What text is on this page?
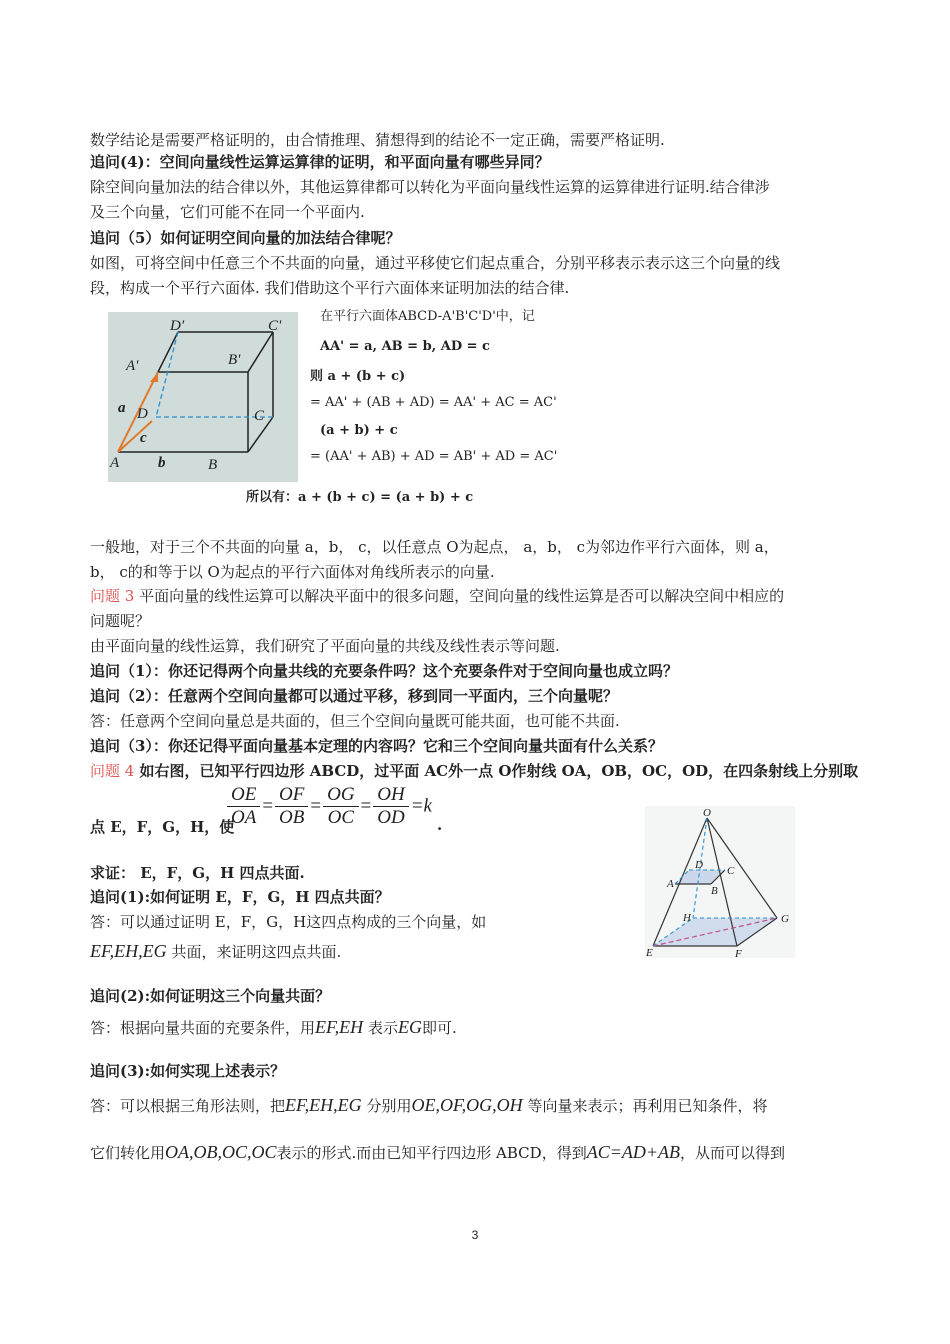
数学结论是需要严格证明的，由合情推理、猜想得到的结论不一定正确，需要严格证明.
追问(4)：空间向量线性运算运算律的证明，和平面向量有哪些异同？
除空间向量加法的结合律以外，其他运算律都可以转化为平面向量线性运算的运算律进行证明.结合律涉
及三个向量，它们可能不在同一个平面内.
追问（5）如何证明空间向量的加法结合律呢？
如图，可将空间中任意三个不共面的向量，通过平移使它们起点重合，分别平移表示表示这三个向量的线
段，构成一个平行六面体. 我们借助这个平行六面体来证明加法的结合律.
A	B
C
D
A'	B'
C'
D'
a
b
c
在平行六面体ABCD-A'B'C'D'中，记
AA' = a, AB = b, AD = c
则 a + (b + c)
= AA' + (AB + AD) = AA' + AC = AC'
(a + b) + c
= (AA' + AB) + AD = AB' + AD = AC'
所以有：a + (b + c) = (a + b) + c
一般地，对于三个不共面的向量 a，b， c，以任意点 O为起点， a，b， c为邻边作平行六面体，则 a，
b， c的和等于以 O为起点的平行六面体对角线所表示的向量.
问题 3 平面向量的线性运算可以解决平面中的很多问题，空间向量的线性运算是否可以解决空间中相应的
问题呢？
由平面向量的线性运算，我们研究了平面向量的共线及线性表示等问题.
追问（1）：你还记得两个向量共线的充要条件吗？这个充要条件对于空间向量也成立吗？
追问（2）：任意两个空间向量都可以通过平移，移到同一平面内，三个向量呢？
答：任意两个空间向量总是共面的，但三个空间向量既可能共面，也可能不共面.
追问（3）：你还记得平面向量基本定理的内容吗？它和三个空间向量共面有什么关系？
问题 4 如右图，已知平行四边形 ABCD，过平面 AC外一点 O作射线 OA，OB，OC，OD，在四条射线上分别取
$\frac{OE}{OA} = \frac{OF}{OB} = \frac{OG}{OC} = \frac{OH}{OD} =k$
点 E，F，G，H，使	.
O
A
B
C
D
E	F
G
H
求证： E，F，G，H 四点共面.
追问(1):如何证明 E，F，G，H 四点共面？
答：可以通过证明 E，F，G，H这四点构成的三个向量，如
EF,EH,EG 共面，来证明这四点共面.
追问(2):如何证明这三个向量共面？
答：根据向量共面的充要条件，用EF,EH 表示EG即可.
追问(3):如何实现上述表示？
答：可以根据三角形法则，把EF,EH,EG 分别用OE,OF,OG,OH 等向量来表示；再利用已知条件，将
它们转化用OA,OB,OC,OC表示的形式.而由已知平行四边形 ABCD，得到AC=AD+AB，从而可以得到
3
